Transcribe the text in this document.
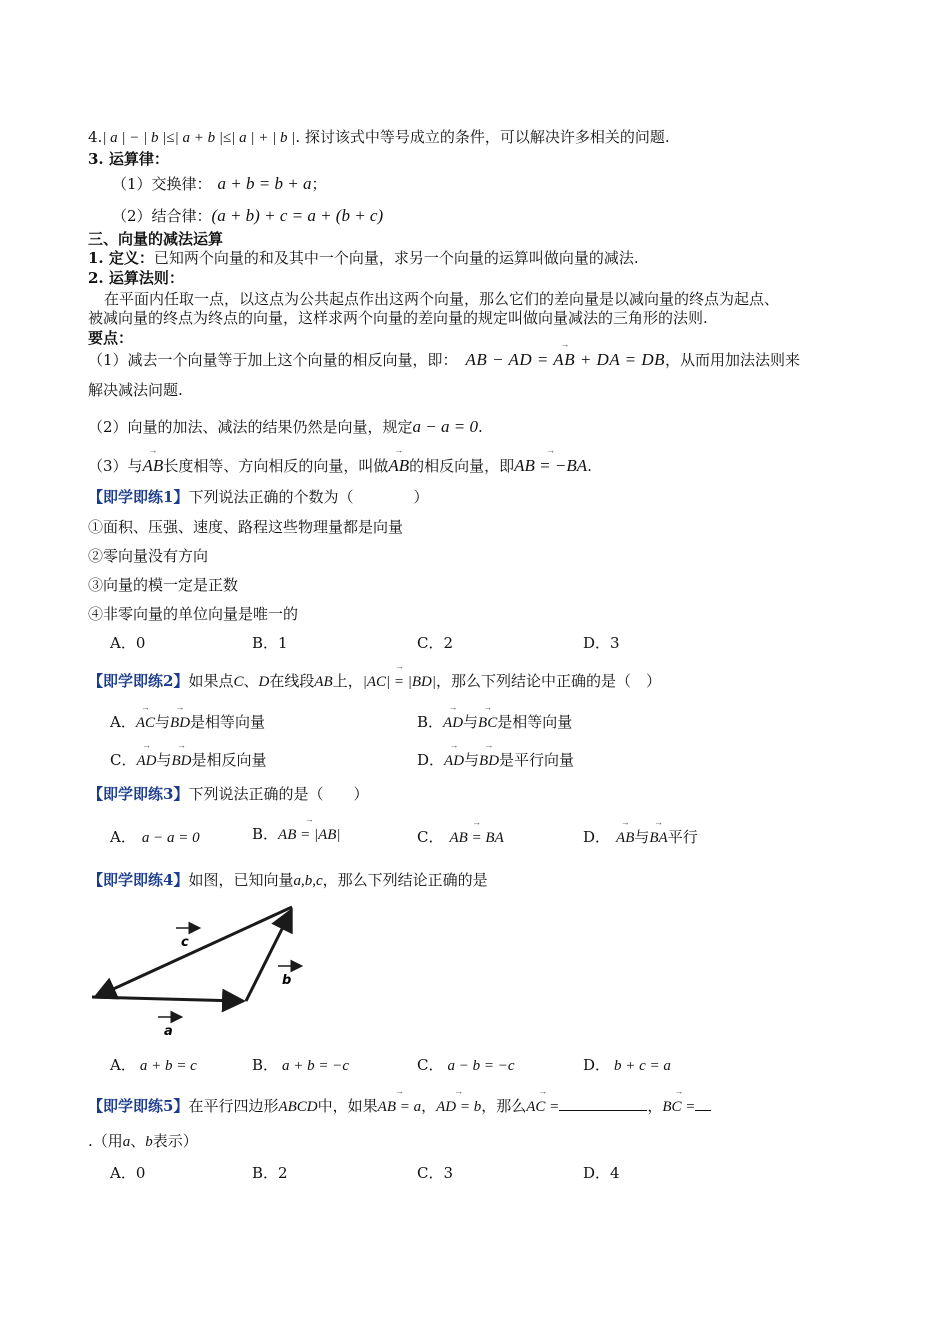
4.| a | − | b |≤| a + b |≤| a | + | b |. 探讨该式中等号成立的条件，可以解决许多相关的问题.
3. 运算律：
（1）交换律： a + b = b + a；
（2）结合律：(a + b) + c = a + (b + c)
三、向量的减法运算
1. 定义：已知两个向量的和及其中一个向量，求另一个向量的运算叫做向量的减法.
2. 运算法则：
在平面内任取一点，以这点为公共起点作出这两个向量，那么它们的差向量是以减向量的终点为起点、
被减向量的终点为终点的向量，这样求两个向量的差向量的规定叫做向量减法的三角形的法则.
要点：
（1）减去一个向量等于加上这个向量的相反向量，即： → AB − AD = AB + DA = DB，从而用加法法则来
解决减法问题.
（2）向量的加法、减法的结果仍然是向量，规定a − a = 0.
（3）与→ AB长度相等、方向相反的向量，叫做→ AB的相反向量，即→ AB = −BA.
【即学即练1】下列说法正确的个数为（　　　　）
①面积、压强、速度、路程这些物理量都是向量
②零向量没有方向
③向量的模一定是正数
④非零向量的单位向量是唯一的
A．0	B．1	C．2	D．3
【即学即练2】如果点C、D在线段AB上，→ |AC| = |BD|，那么下列结论中正确的是（　）
A．→ AC与→ BD是相等向量	B．→ AD与→ BC是相等向量
C．→ AD与→ BD是相反向量	D．→ AD与→ BD是平行向量
【即学即练3】下列说法正确的是（　　）
A． a − a = 0	B．→ AB = |AB|	C． → AB = BA	D． → AB与→ BA平行
【即学即练4】如图，已知向量a,b,c，那么下列结论正确的是
a
c
b
A． a + b = c	B． a + b = −c	C． a − b = −c	D． b + c = a
【即学即练5】在平行四边形ABCD中，如果→ AB = a，→ AD = b，那么→ AC =	，→ BC =
.（用a、b表示）
A．0	B．2	C．3	D．4
